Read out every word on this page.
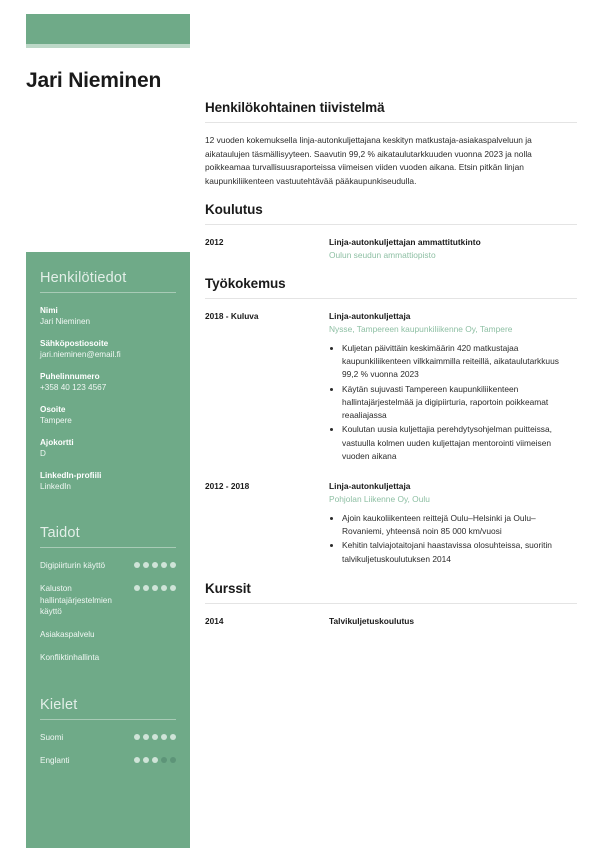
Jari Nieminen
Henkilötiedot
Nimi
Jari Nieminen
Sähköpostiosoite
jari.nieminen@email.fi
Puhelinnumero
+358 40 123 4567
Osoite
Tampere
Ajokortti
D
LinkedIn-profiili
LinkedIn
Taidot
Digipiirturin käyttö
Kaluston hallintajärjestelmien käyttö
Asiakaspalvelu
Konfliktinhallinta
Kielet
Suomi
Englanti
Henkilökohtainen tiivistelmä

12 vuoden kokemuksella linja-autonkuljettajana keskityn matkustaja-asiakaspalveluun ja aikataulujen täsmällisyyteen. Saavutin 99,2 % aikataulutarkkuuden vuonna 2023 ja nolla poikkeamaa turvallisuusraporteissa viimeisen viiden vuoden aikana. Etsin pitkän linjan kaupunkiliikenteen vastuutehtävää pääkaupunkiseudulla.

Koulutus
2012	Linja-autonkuljettajan ammattitutkinto
Oulun seudun ammattiopisto
Työkokemus
2018 - Kuluva	Linja-autonkuljettaja
Nysse, Tampereen kaupunkiliikenne Oy, Tampere
• Kuljetan päivittäin keskimäärin 420 matkustajaa kaupunkiliikenteen vilkkaimmilla reiteillä, aikataulutarkkuus 99,2 % vuonna 2023
• Käytän sujuvasti Tampereen kaupunkiliikenteen hallintajärjestelmää ja digipiirturia, raportoin poikkeamat reaaliajassa
• Koulutan uusia kuljettajia perehdytysohjelman puitteissa, vastuulla kolmen uuden kuljettajan mentorointi viimeisen vuoden aikana
2012 - 2018	Linja-autonkuljettaja
Pohjolan Liikenne Oy, Oulu
• Ajoin kaukoliikenteen reittejä Oulu–Helsinki ja Oulu–Rovaniemi, yhteensä noin 85 000 km/vuosi
• Kehitin talviajotaitojani haastavissa olosuhteissa, suoritin talvikuljetuskoulutuksen 2014
Kurssit
2014	Talvikuljetuskoulutus
